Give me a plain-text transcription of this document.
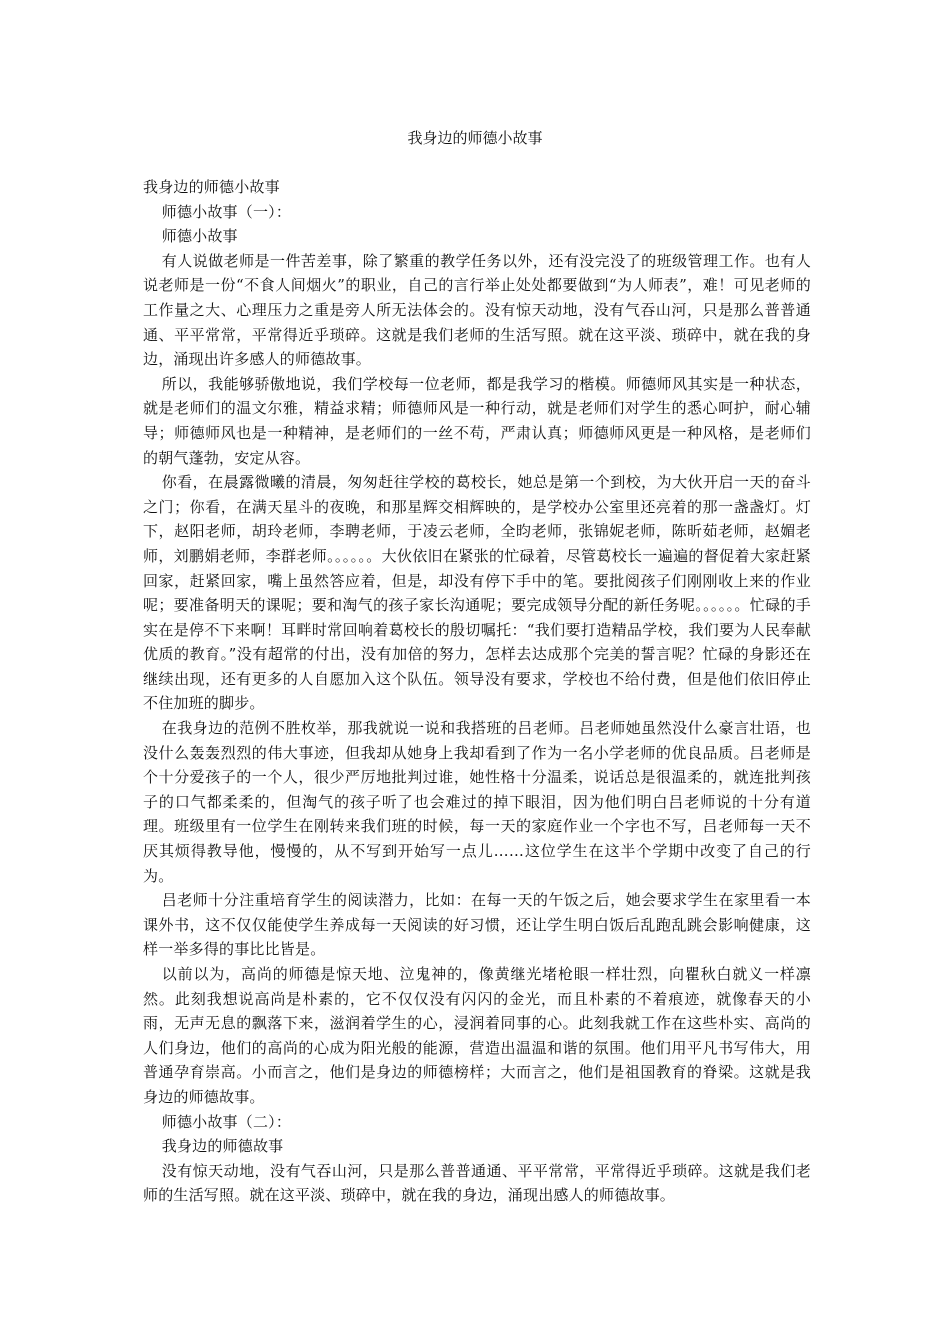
我身边的师德小故事

我身边的师德小故事

师德小故事（一）：

师德小故事

有人说做老师是一件苦差事，除了繁重的教学任务以外，还有没完没了的班级管理工作。也有人说老师是一份“不食人间烟火”的职业，自己的言行举止处处都要做到“为人师表”，难！可见老师的工作量之大、心理压力之重是旁人所无法体会的。没有惊天动地，没有气吞山河，只是那么普普通通、平平常常，平常得近乎琐碎。这就是我们老师的生活写照。就在这平淡、琐碎中，就在我的身边，涌现出许多感人的师德故事。

所以，我能够骄傲地说，我们学校每一位老师，都是我学习的楷模。师德师风其实是一种状态，就是老师们的温文尔雅，精益求精；师德师风是一种行动，就是老师们对学生的悉心呵护，耐心辅导；师德师风也是一种精神，是老师们的一丝不苟，严肃认真；师德师风更是一种风格，是老师们的朝气蓬勃，安定从容。

你看，在晨露微曦的清晨，匆匆赶往学校的葛校长，她总是第一个到校，为大伙开启一天的奋斗之门；你看，在满天星斗的夜晚，和那星辉交相辉映的，是学校办公室里还亮着的那一盏盏灯。灯下，赵阳老师，胡玲老师，李聘老师，于凌云老师，全昀老师，张锦妮老师，陈昕茹老师，赵媚老师，刘鹏娟老师，李群老师。。。。。。大伙依旧在紧张的忙碌着，尽管葛校长一遍遍的督促着大家赶紧回家，赶紧回家，嘴上虽然答应着，但是，却没有停下手中的笔。要批阅孩子们刚刚收上来的作业呢；要准备明天的课呢；要和淘气的孩子家长沟通呢；要完成领导分配的新任务呢。。。。。。忙碌的手实在是停不下来啊！耳畔时常回响着葛校长的殷切嘱托：“我们要打造精品学校，我们要为人民奉献优质的教育。”没有超常的付出，没有加倍的努力，怎样去达成那个完美的誓言呢？忙碌的身影还在继续出现，还有更多的人自愿加入这个队伍。领导没有要求，学校也不给付费，但是他们依旧停止不住加班的脚步。

在我身边的范例不胜枚举，那我就说一说和我搭班的吕老师。吕老师她虽然没什么豪言壮语，也没什么轰轰烈烈的伟大事迹，但我却从她身上我却看到了作为一名小学老师的优良品质。吕老师是个十分爱孩子的一个人，很少严厉地批判过谁，她性格十分温柔，说话总是很温柔的，就连批判孩子的口气都柔柔的，但淘气的孩子听了也会难过的掉下眼泪，因为他们明白吕老师说的十分有道理。班级里有一位学生在刚转来我们班的时候，每一天的家庭作业一个字也不写，吕老师每一天不厌其烦得教导他，慢慢的，从不写到开始写一点儿……这位学生在这半个学期中改变了自己的行为。

吕老师十分注重培育学生的阅读潜力，比如：在每一天的午饭之后，她会要求学生在家里看一本课外书，这不仅仅能使学生养成每一天阅读的好习惯，还让学生明白饭后乱跑乱跳会影响健康，这样一举多得的事比比皆是。

以前以为，高尚的师德是惊天地、泣鬼神的，像黄继光堵枪眼一样壮烈，向瞿秋白就义一样凛然。此刻我想说高尚是朴素的，它不仅仅没有闪闪的金光，而且朴素的不着痕迹，就像春天的小雨，无声无息的飘落下来，滋润着学生的心，浸润着同事的心。此刻我就工作在这些朴实、高尚的人们身边，他们的高尚的心成为阳光般的能源，营造出温温和谐的氛围。他们用平凡书写伟大，用普通孕育崇高。小而言之，他们是身边的师德榜样；大而言之，他们是祖国教育的脊梁。这就是我身边的师德故事。

师德小故事（二）：

我身边的师德故事

没有惊天动地，没有气吞山河，只是那么普普通通、平平常常，平常得近乎琐碎。这就是我们老师的生活写照。就在这平淡、琐碎中，就在我的身边，涌现出感人的师德故事。
